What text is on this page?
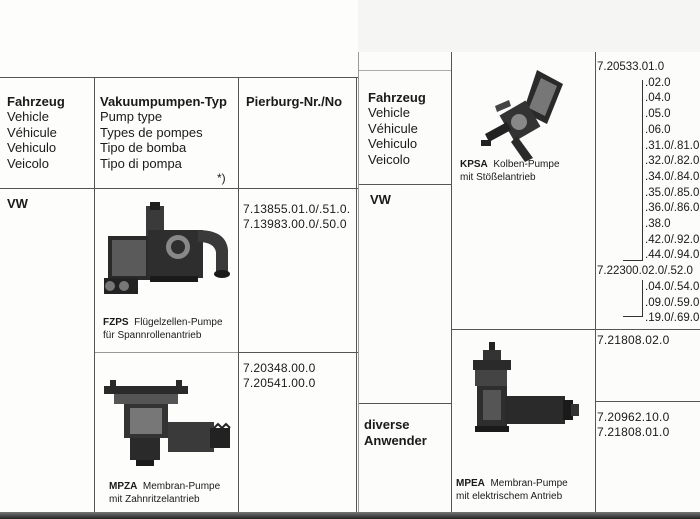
Fahrzeug
Vehicle
Véhicule
Vehiculo
Veicolo
Vakuumpumpen-Typ
Pump type
Types de pompes
Tipo de bomba
Tipo di pompa
*)
Pierburg-Nr./No
VW
FZPS Flügelzellen-Pumpe
für Spannrollenantrieb
7.13855.01.0/.51.0.
7.13983.00.0/.50.0
MPZA Membran-Pumpe
mit Zahnritzelantrieb
7.20348.00.0
7.20541.00.0
Fahrzeug
Vehicle
Véhicule
Vehiculo
Veicolo
VW
diverse
Anwender
KPSA Kolben-Pumpe
mit Stößelantrieb
7.20533.01.0
.02.0
.04.0
.05.0
.06.0
.31.0/.81.0
.32.0/.82.0
.34.0/.84.0
.35.0/.85.0
.36.0/.86.0
.38.0
.42.0/.92.0
.44.0/.94.0
7.22300.02.0/.52.0
.04.0/.54.0
.09.0/.59.0
.19.0/.69.0
MPEA Membran-Pumpe
mit elektrischem Antrieb
7.21808.02.0
7.20962.10.0
7.21808.01.0
